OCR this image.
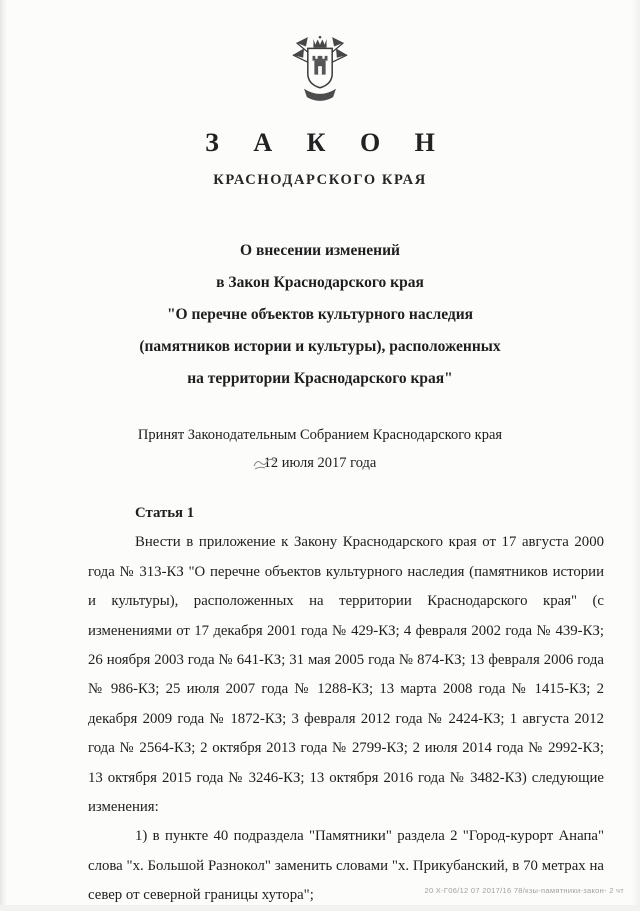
З А К О Н
КРАСНОДАРСКОГО КРАЯ
О внесении изменений
в Закон Краснодарского края
"О перечне объектов культурного наследия
(памятников истории и культуры), расположенных
на территории Краснодарского края"
Принят Законодательным Собранием Краснодарского края
12 июля 2017 года

Статья 1

Внести в приложение к Закону Краснодарского края от 17 августа 2000 года № 313-КЗ "О перечне объектов культурного наследия (памятников истории и культуры), расположенных на территории Краснодарского края" (с изменениями от 17 декабря 2001 года № 429-КЗ; 4 февраля 2002 года № 439-КЗ; 26 ноября 2003 года № 641-КЗ; 31 мая 2005 года № 874-КЗ; 13 февраля 2006 года № 986-КЗ; 25 июля 2007 года № 1288-КЗ; 13 марта 2008 года № 1415-КЗ; 2 декабря 2009 года № 1872-КЗ; 3 февраля 2012 года № 2424-КЗ; 1 августа 2012 года № 2564-КЗ; 2 октября 2013 года № 2799-КЗ; 2 июля 2014 года № 2992-КЗ; 13 октября 2015 года № 3246-КЗ; 13 октября 2016 года № 3482-КЗ) следующие изменения:

1) в пункте 40 подраздела "Памятники" раздела 2 "Город-курорт Анапа" слова "х. Большой Разнокол" заменить словами "х. Прикубанский, в 70 метрах на север от северной границы хутора";	20 Х-Г06/12 07 2017/16 78/кзы-памятники-закон- 2 чт
